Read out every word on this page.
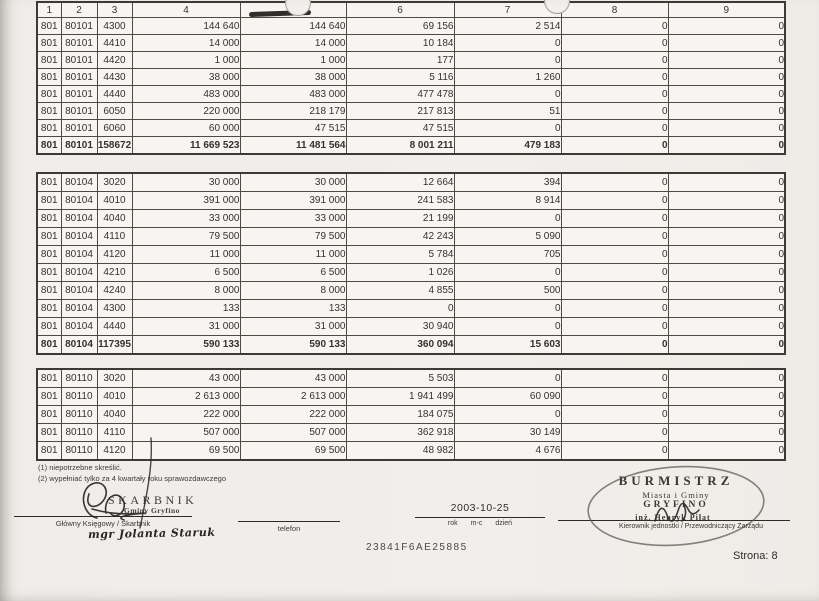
1	2	3	4		6	7	8	9
801	80101	4300	144 640	144 640	69 156	2 514	0	0
801	80101	4410	14 000	14 000	10 184	0	0	0
801	80101	4420	1 000	1 000	177	0	0	0
801	80101	4430	38 000	38 000	5 116	1 260	0	0
801	80101	4440	483 000	483 000	477 478	0	0	0
801	80101	6050	220 000	218 179	217 813	51	0	0
801	80101	6060	60 000	47 515	47 515	0	0	0
801	80101	158672	11 669 523	11 481 564	8 001 211	479 183	0	0
801	80104	3020	30 000	30 000	12 664	394	0	0
801	80104	4010	391 000	391 000	241 583	8 914	0	0
801	80104	4040	33 000	33 000	21 199	0	0	0
801	80104	4110	79 500	79 500	42 243	5 090	0	0
801	80104	4120	11 000	11 000	5 784	705	0	0
801	80104	4210	6 500	6 500	1 026	0	0	0
801	80104	4240	8 000	8 000	4 855	500	0	0
801	80104	4300	133	133	0	0	0	0
801	80104	4440	31 000	31 000	30 940	0	0	0
801	80104	117395	590 133	590 133	360 094	15 603	0	0
801	80110	3020	43 000	43 000	5 503	0	0	0
801	80110	4010	2 613 000	2 613 000	1 941 499	60 090	0	0
801	80110	4040	222 000	222 000	184 075	0	0	0
801	80110	4110	507 000	507 000	362 918	30 149	0	0
801	80110	4120	69 500	69 500	48 982	4 676	0	0
(1) niepotrzebne skreślić.
(2) wypełniać tylko za 4 kwartały roku sprawozdawczego
SKARBNIK
Gminy Gryfino
Główny Księgowy / Skarbnik
mgr Jolanta Staruk	telefon
2003-10-25
rok m-c dzień
23841F6AE25885
BURMISTRZ
Miasta i Gminy
GRYFINO
inż. Henryk Piłat
Kierownik jednostki / Przewodniczący Zarządu
Strona: 8
